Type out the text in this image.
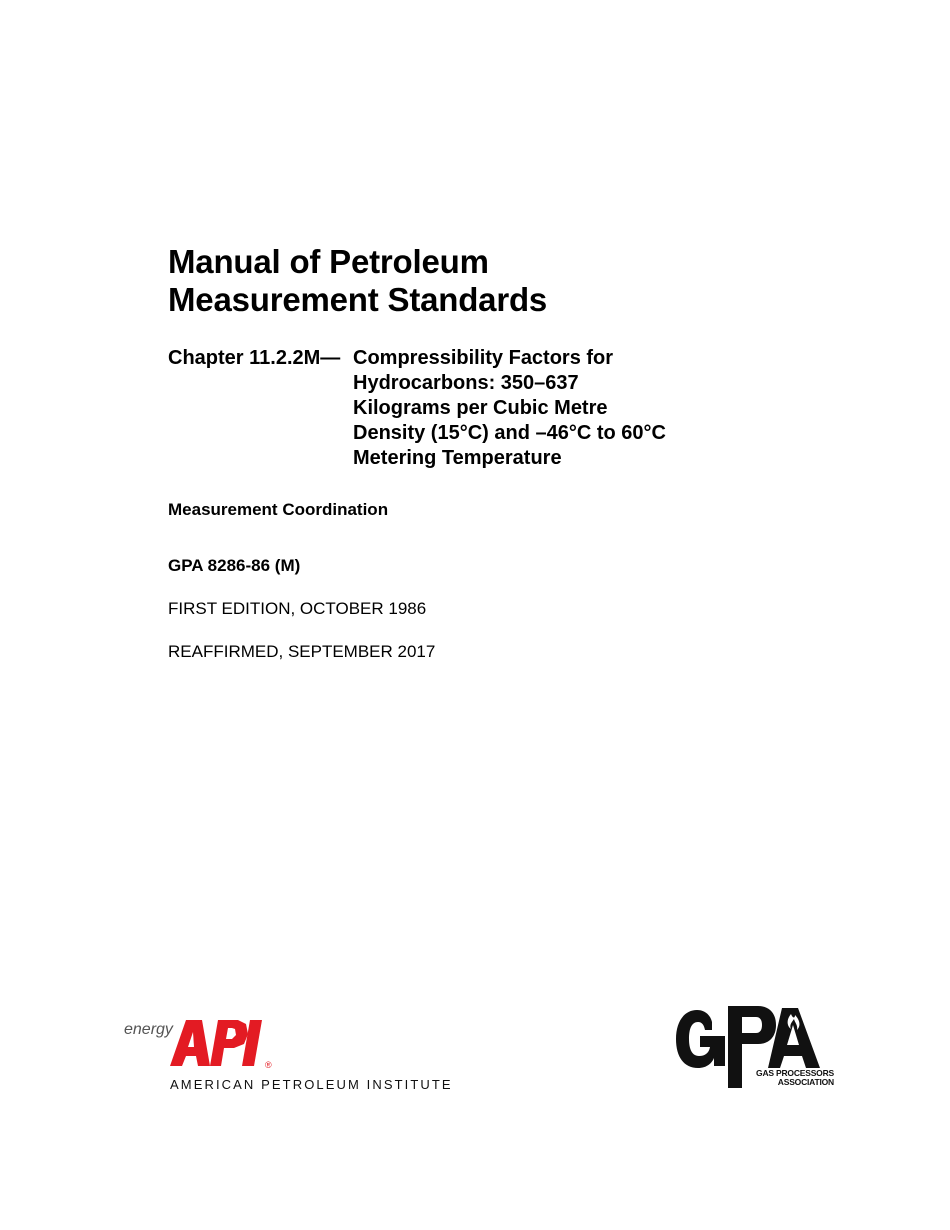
Manual of Petroleum
Measurement Standards
Chapter 11.2.2M— Compressibility Factors for
Hydrocarbons: 350–637
Kilograms per Cubic Metre
Density (15°C) and –46°C to 60°C
Metering Temperature
Measurement Coordination
GPA 8286-86 (M)
FIRST EDITION, OCTOBER 1986
REAFFIRMED, SEPTEMBER 2017
energy
®
AMERICAN PETROLEUM INSTITUTE
GAS PROCESSORS
ASSOCIATION
